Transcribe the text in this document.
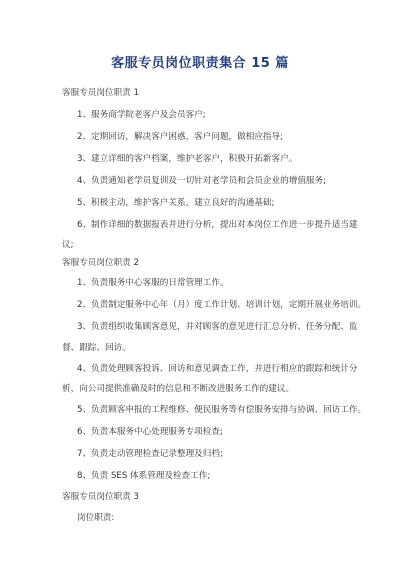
客服专员岗位职责集合 15 篇
客服专员岗位职责 1
1、服务商学院老客户及会员客户;
2、定期回访，解决客户困惑，客户问题，做相应指导;
3、建立详细的客户档案，维护老客户，积极开拓新客户。
4、负责通知老学员复训及一切针对老学员和会员企业的增值服务;
5、积极主动，维护客户关系，建立良好的沟通基础;
6、制作详细的数据报表并进行分析，提出对本岗位工作进一步提升适当建
议;
客服专员岗位职责 2
1、负责服务中心客服的日常管理工作。
2、负责制定服务中心年（月）度工作计划、培训计划，定期开展业务培训。
3、负责组织收集顾客意见，并对顾客的意见进行汇总分析、任务分配、监
督、跟踪、回访。
4、负责处理顾客投诉、回访和意见调查工作，并进行相应的跟踪和统计分
析，向公司提供准确及时的信息和不断改进服务工作的建议。
5、负责顾客申报的工程维修、便民服务等有偿服务安排与协调、回访工作。
6、负责本服务中心处理服务专项检查;
7、负责走动管理检查记录整理及归档;
8、负责 SES 体系管理及检查工作;
客服专员岗位职责 3
岗位职责:
